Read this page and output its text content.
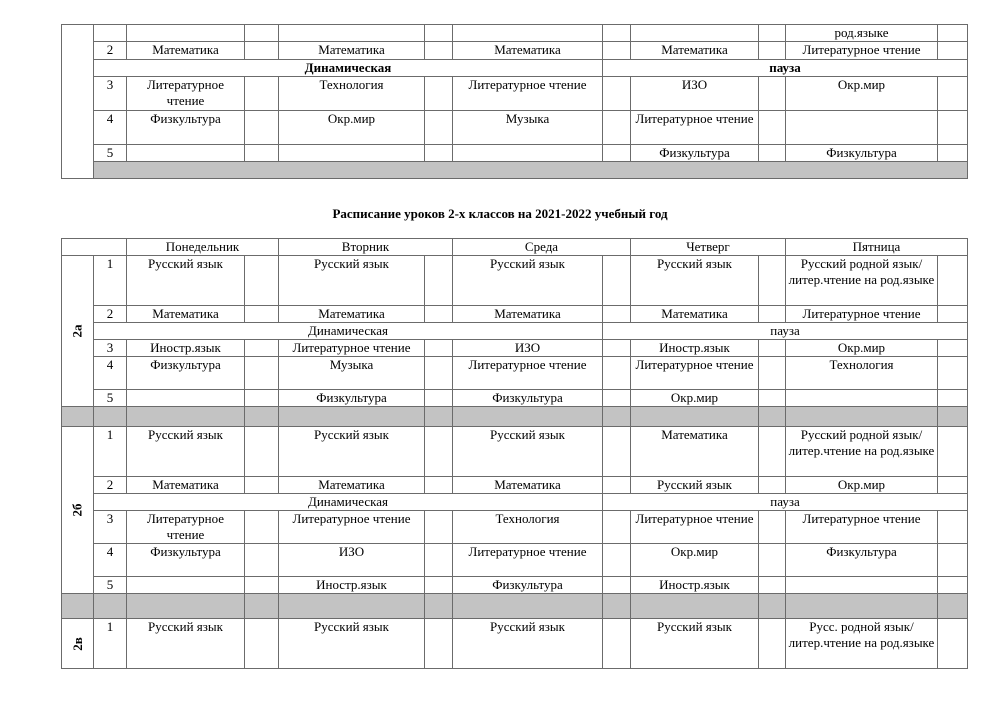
										род.языке	
	2	Математика		Математика		Математика		Математика		Литературное чтение	
	Динамическая						пауза				
	3	Литературное чтение		Технология		Литературное чтение		ИЗО		Окр.мир	
	4	Физкультура		Окр.мир		Музыка		Литературное чтение			
	5							Физкультура		Физкультура	

Расписание уроков 2-х классов на 2021-2022 учебный год
		Понедельник		Вторник		Среда		Четверг		Пятница	
2а	1	Русский язык		Русский язык		Русский язык		Русский язык		Русский родной язык/литер.чтение на род.языке	
	2	Математика		Математика		Математика		Математика		Литературное чтение	
	Динамическая						пауза				
	3	Иностр.язык		Литературное чтение		ИЗО		Иностр.язык		Окр.мир	
	4	Физкультура		Музыка		Литературное чтение		Литературное чтение		Технология	
	5			Физкультура		Физкультура		Окр.мир			

2б	1	Русский язык		Русский язык		Русский язык		Математика		Русский родной язык/литер.чтение на род.языке	
	2	Математика		Математика		Математика		Русский язык		Окр.мир	
	Динамическая						пауза				
	3	Литературное чтение		Литературное чтение		Технология		Литературное чтение		Литературное чтение	
	4	Физкультура		ИЗО		Литературное чтение		Окр.мир		Физкультура	
	5			Иностр.язык		Физкультура		Иностр.язык			

2в	1	Русский язык		Русский язык		Русский язык		Русский язык		Русс. родной язык/литер.чтение на род.языке	
